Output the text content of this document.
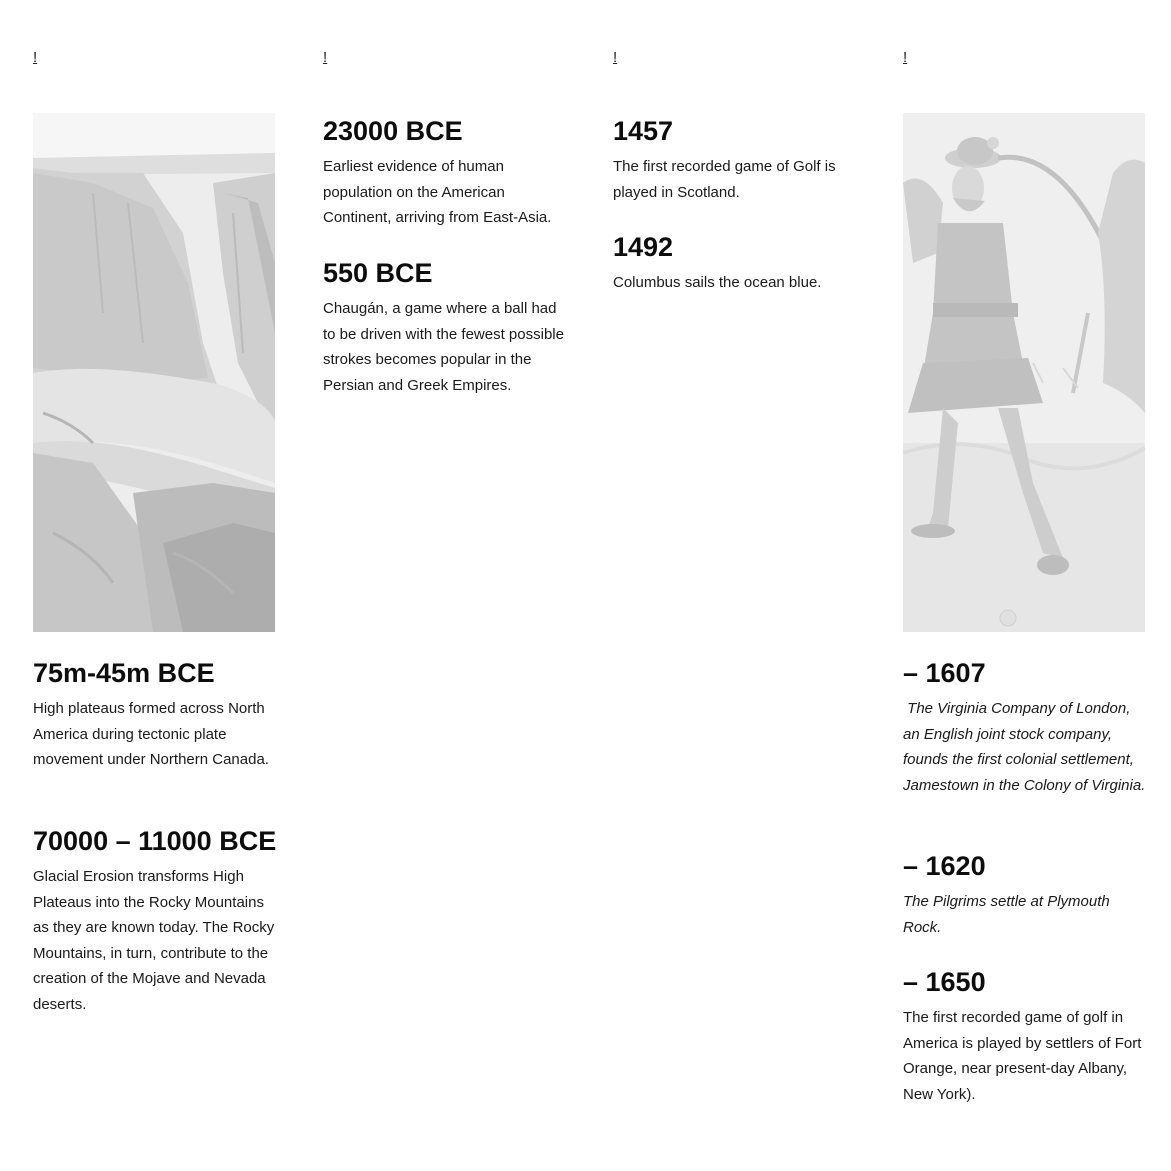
!
75m-45m BCE

High plateaus formed across North America during tectonic plate movement under Northern Canada.

70000 – 11000 BCE

Glacial Erosion transforms High Plateaus into the Rocky Mountains as they are known today. The Rocky Mountains, in turn, contribute to the creation of the Mojave and Nevada deserts.

!
23000 BCE

Earliest evidence of human population on the American Continent, arriving from East-Asia.

550 BCE

Chaugán, a game where a ball had to be driven with the fewest possible strokes becomes popular in the Persian and Greek Empires.

!
1457

The first recorded game of Golf is played in Scotland.

1492

Columbus sails the ocean blue.

!
– 1607

The Virginia Company of London, an English joint stock company, founds the first colonial settlement, Jamestown in the Colony of Virginia.

– 1620

The Pilgrims settle at Plymouth Rock.

– 1650

The first recorded game of golf in America is played by settlers of Fort Orange, near present-day Albany, New York).
